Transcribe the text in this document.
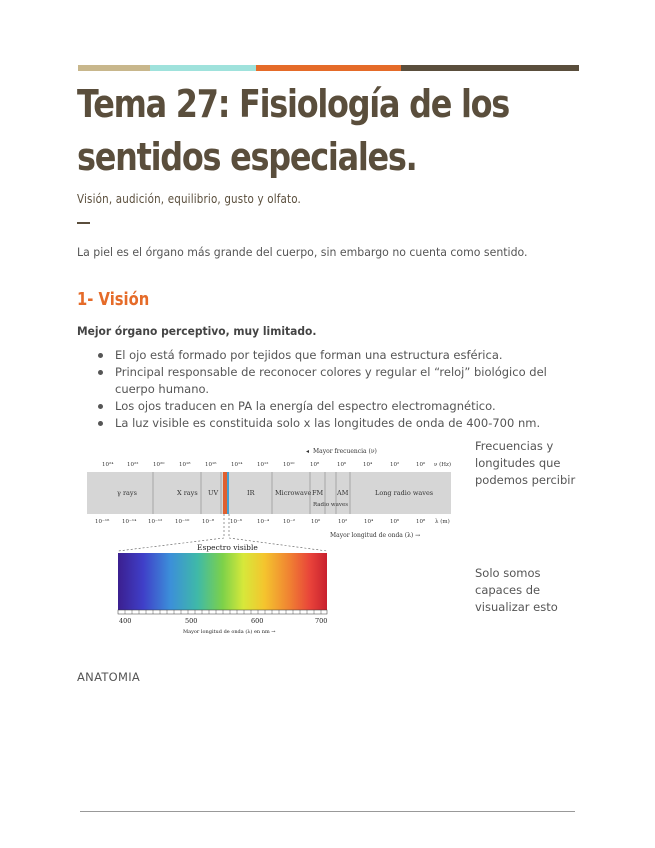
Tema 27: Fisiología de los
sentidos especiales.
Visión, audición, equilibrio, gusto y olfato.
La piel es el órgano más grande del cuerpo, sin embargo no cuenta como sentido.
1- Visión
Mejor órgano perceptivo, muy limitado.
El ojo está formado por tejidos que forman una estructura esférica.
Principal responsable de reconocer colores y regular el “reloj” biológico del cuerpo humano.
Los ojos traducen en PA la energía del espectro electromagnético.
La luz visible es constituida solo x las longitudes de onda de 400-700 nm.
Mayor frecuencia (ν)
◂
10²⁴ 10²²	10²⁰	10¹⁸	10¹⁶	10¹⁴	10¹²	10¹⁰	10⁸	10⁶	10⁴	10²	10⁰ ν (Hz)
γ rays	X rays UV	IR	Microwave FM AM	Long radio waves
Radio waves
10⁻¹⁶ 10⁻¹⁴ 10⁻¹² 10⁻¹⁰ 10⁻⁸	10⁻⁶	10⁻⁴	10⁻²	10⁰	10²	10⁴	10⁶	10⁸ λ (m)
Mayor longitud de onda (λ) →
Espectro visible
400	500	600	700
Mayor longitud de onda (λ) en nm →
Frecuencias y longitudes que podemos percibir
Solo somos capaces de visualizar esto
ANATOMIA
